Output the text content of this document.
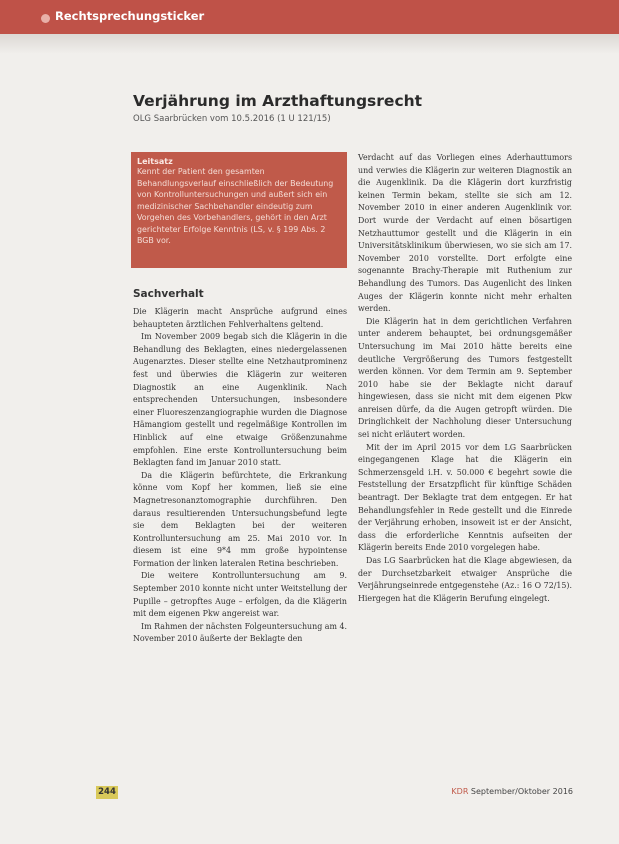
Rechtsprechungsticker
Verjährung im Arzthaftungsrecht
OLG Saarbrücken vom 10.5.2016 (1 U 121/15)
Leitsatz
Kennt der Patient den gesamten Behandlungsverlauf einschließlich der Bedeutung von Kontrolluntersuchungen und außert sich ein medizinischer Sachbehandler eindeutig zum Vorgehen des Vorbehandlers, gehört in den Arzt gerichteter Erfolge Kenntnis (LS, v. § 199 Abs. 2 BGB vor.
Sachverhalt

Die Klägerin macht Ansprüche aufgrund eines behaupteten ärztlichen Fehlverhaltens geltend.

Im November 2009 begab sich die Klägerin in die Behandlung des Beklagten, eines niedergelassenen Augenarztes. Dieser stellte eine Netzhautprominenz fest und überwies die Klägerin zur weiteren Diagnostik an eine Augenklinik. Nach entsprechenden Untersuchungen, insbesondere einer Fluoreszenzangiographie wurden die Diagnose Hämangiom gestellt und regelmäßige Kontrollen im Hinblick auf eine etwaige Größenzunahme empfohlen. Eine erste Kontrolluntersuchung beim Beklagten fand im Januar 2010 statt.

Da die Klägerin befürchtete, die Erkrankung könne vom Kopf her kommen, ließ sie eine Magnetresonanztomographie durchführen. Den daraus resultierenden Untersuchungsbefund legte sie dem Beklagten bei der weiteren Kontrolluntersuchung am 25. Mai 2010 vor. In diesem ist eine 9*4 mm große hypointense Formation der linken lateralen Retina beschrieben.

Die weitere Kontrolluntersuchung am 9. September 2010 konnte nicht unter Weitstellung der Pupille – getropftes Auge – erfolgen, da die Klägerin mit dem eigenen Pkw angereist war.

Im Rahmen der nächsten Folgeuntersuchung am 4. November 2010 äußerte der Beklagte den

Verdacht auf das Vorliegen eines Aderhauttumors und verwies die Klägerin zur weiteren Diagnostik an die Augenklinik. Da die Klägerin dort kurzfristig keinen Termin bekam, stellte sie sich am 12. November 2010 in einer anderen Augenklinik vor. Dort wurde der Verdacht auf einen bösartigen Netzhauttumor gestellt und die Klägerin in ein Universitätsklinikum überwiesen, wo sie sich am 17. November 2010 vorstellte. Dort erfolgte eine sogenannte Brachy-Therapie mit Ruthenium zur Behandlung des Tumors. Das Augenlicht des linken Auges der Klägerin konnte nicht mehr erhalten werden.

Die Klägerin hat in dem gerichtlichen Verfahren unter anderem behauptet, bei ordnungsgemäßer Untersuchung im Mai 2010 hätte bereits eine deutliche Vergrößerung des Tumors festgestellt werden können. Vor dem Termin am 9. September 2010 habe sie der Beklagte nicht darauf hingewiesen, dass sie nicht mit dem eigenen Pkw anreisen dürfe, da die Augen getropft würden. Die Dringlichkeit der Nachholung dieser Untersuchung sei nicht erläutert worden.

Mit der im April 2015 vor dem LG Saarbrücken eingegangenen Klage hat die Klägerin ein Schmerzensgeld i.H. v. 50.000 € begehrt sowie die Feststellung der Ersatzpflicht für künftige Schäden beantragt. Der Beklagte trat dem entgegen. Er hat Behandlungsfehler in Rede gestellt und die Einrede der Verjährung erhoben, insoweit ist er der Ansicht, dass die erforderliche Kenntnis aufseiten der Klägerin bereits Ende 2010 vorgelegen habe.

Das LG Saarbrücken hat die Klage abgewiesen, da der Durchsetzbarkeit etwaiger Ansprüche die Verjährungseinrede entgegenstehe (Az.: 16 O 72/15). Hiergegen hat die Klägerin Berufung eingelegt.

244	KDR September/Oktober 2016
